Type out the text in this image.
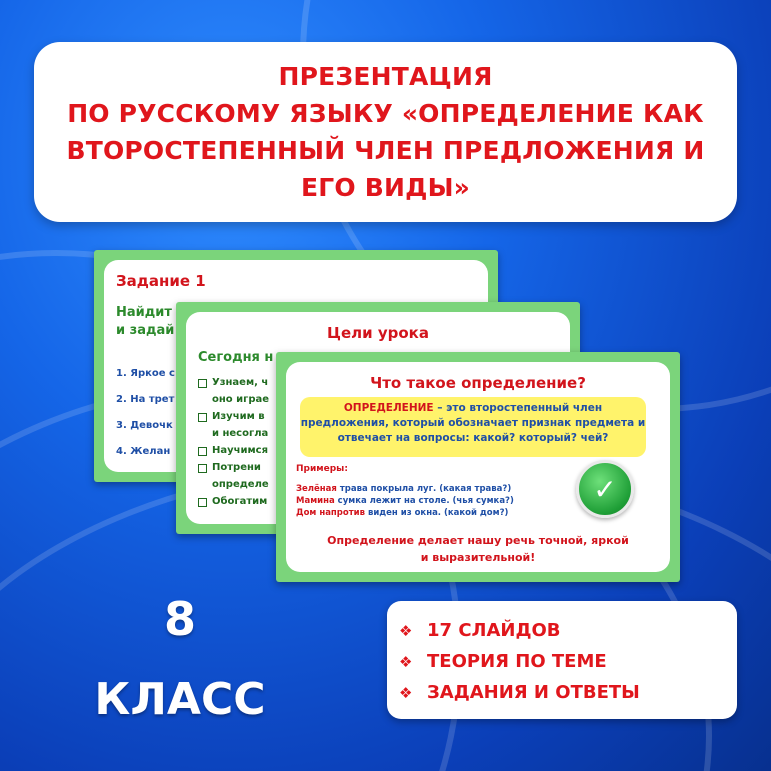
ПРЕЗЕНТАЦИЯ
ПО РУССКОМУ ЯЗЫКУ «ОПРЕДЕЛЕНИЕ КАК
ВТОРОСТЕПЕННЫЙ ЧЛЕН ПРЕДЛОЖЕНИЯ И
ЕГО ВИДЫ»
Задание 1
Найдит
и задай
1. Яркое с
2. На трет
3. Девочк
4. Желан
Цели урока
Сегодня н
Узнаем, ч
оно играе
Изучим в
и несогла
Научимся
Потрени
определе
Обогатим
Что такое определение?
ОПРЕДЕЛЕНИЕ – это второстепенный член предложения, который обозначает признак предмета и отвечает на вопросы: какой? который? чей?
Примеры:
Зелёная трава покрыла луг. (какая трава?)
Мамина сумка лежит на столе. (чья сумка?)
Дом напротив виден из окна. (какой дом?)
✓
Определение делает нашу речь точной, яркой
и выразительной!
8
КЛАСС
❖ 17 СЛАЙДОВ
❖ ТЕОРИЯ ПО ТЕМЕ
❖ ЗАДАНИЯ И ОТВЕТЫ
